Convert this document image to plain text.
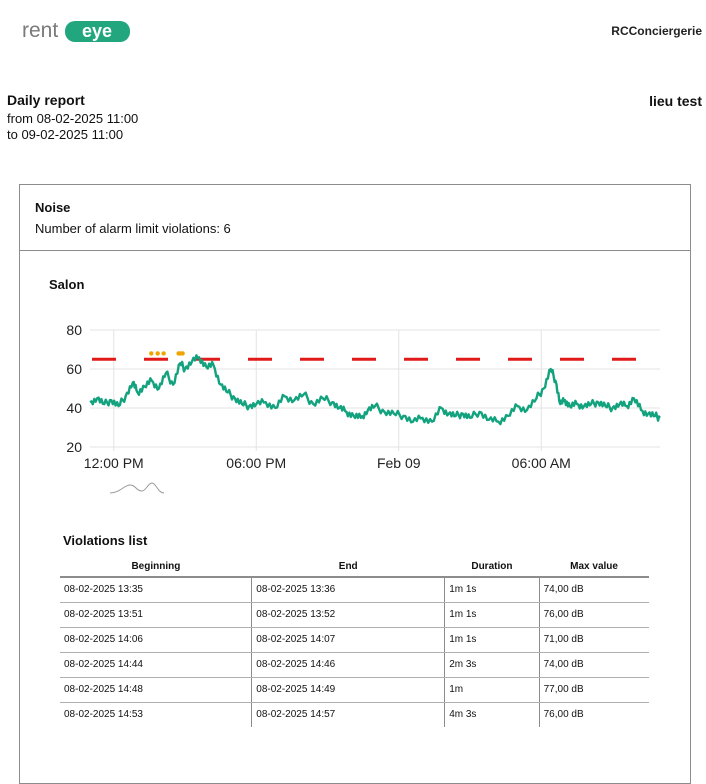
rent eye	RCConciergerie
Daily report
from 08-02-2025 11:00
to 09-02-2025 11:00
lieu test
Noise
Number of alarm limit violations: 6
Salon
20
40
60
80
12:00 PM	06:00 PM	Feb 09	06:00 AM
Violations list
Beginning	End	Duration	Max value
08-02-2025 13:35	08-02-2025 13:36	1m 1s	74,00 dB
08-02-2025 13:51	08-02-2025 13:52	1m 1s	76,00 dB
08-02-2025 14:06	08-02-2025 14:07	1m 1s	71,00 dB
08-02-2025 14:44	08-02-2025 14:46	2m 3s	74,00 dB
08-02-2025 14:48	08-02-2025 14:49	1m	77,00 dB
08-02-2025 14:53	08-02-2025 14:57	4m 3s	76,00 dB
